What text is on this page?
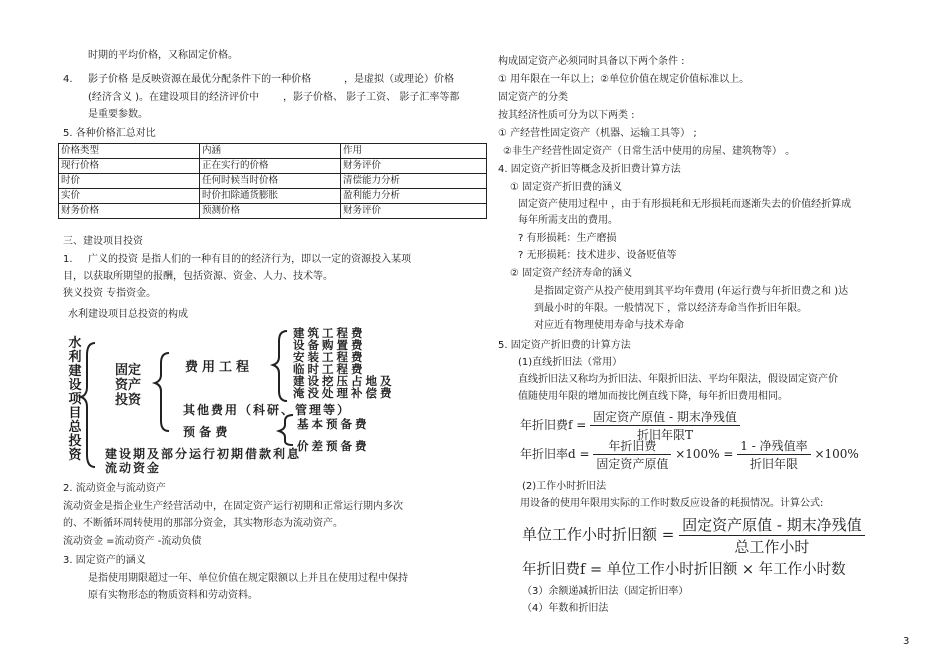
时期的平均价格，又称固定价格。
4. 影子价格 是反映资源在最优分配条件下的一种价格	，是虚拟（或理论）价格
(经济含义 )。在建设项目的经济评价中 ，影子价格、 影子工资、 影子汇率等都
是重要参数。
5. 各种价格汇总对比
价格类型	内涵	作用
现行价格	正在实行的价格	财务评价
时价	任何时候当时价格	清偿能力分析
实价	时价扣除通货膨胀	盈利能力分析
财务价格	预测价格	财务评价
三、建设项目投资
1. 广义的投资 是指人们的一种有目的的经济行为，即以一定的资源投入某项
目，以获取所期望的报酬，包括资源、资金、人力、技术等。
狭义投资 专指资金。
水利建设项目总投资的构成
水
利
建
设
项
目
总
投
资
固定
资产
投资
费用工程
建筑工程费
设备购置费
安装工程费
临时工程费
建设挖压占地及
淹没处理补偿费
其他费用（科研、管理等）
预 备 费
基本预备费
价差预备费
建设期及部分运行初期借款利息
流动资金
2. 流动资金与流动资产
流动资金是指企业生产经营活动中，在固定资产运行初期和正常运行期内多次
的、不断循环周转使用的那部分资金，其实物形态为流动资产。
流动资金 =流动资产 -流动负债
3. 固定资产的涵义
是指使用期限超过一年、单位价值在规定限额以上并且在使用过程中保持
原有实物形态的物质资料和劳动资料。
构成固定资产必须同时具备以下两个条件 :
① 用年限在一年以上；②单位价值在规定价值标准以上。
固定资产的分类
按其经济性质可分为以下两类 :
① 产经营性固定资产（机器、运输工具等） ;
②非生产经营性固定资产（日常生活中使用的房屋、建筑物等） 。
4. 固定资产折旧等概念及折旧费计算方法
① 固定资产折旧费的涵义
固定资产使用过程中 ，由于有形损耗和无形损耗而逐渐失去的价值经折算成
每年所需支出的费用。
? 有形损耗：生产磨损
? 无形损耗：技术进步、设备贬值等
② 固定资产经济寿命的涵义
是指固定资产从投产使用到其平均年费用 (年运行费与年折旧费之和 )达
到最小时的年限。一般情况下 ，常以经济寿命当作折旧年限。
对应近有物理使用寿命与技术寿命
5. 固定资产折旧费的计算方法
(1)直线折旧法（常用）
直线折旧法又称均为折旧法、年限折旧法、平均年限法，假设固定资产价
值随使用年限的增加而按比例直线下降，每年折旧费用相同。
年折旧费$f = \frac{\text{固定资产原值 - 期末净残值}}{\text{折旧年限T}}$
年折旧率$d = \frac{\text{年折旧费}}{\text{固定资产原值}} \times 100\% = \frac{\text{1 - 净残值率}}{\text{折旧年限}} \times 100\%$
(2)工作小时折旧法
用设备的使用年限用实际的工作时数反应设备的耗损情况。计算公式:
单位工作小时折旧额 = $\frac{\text{固定资产原值 - 期末净残值}}{\text{总工作小时}}$
年折旧费f = 单位工作小时折旧额 × 年工作小时数
（3）余额递减折旧法（固定折旧率）
（4）年数和折旧法
3
